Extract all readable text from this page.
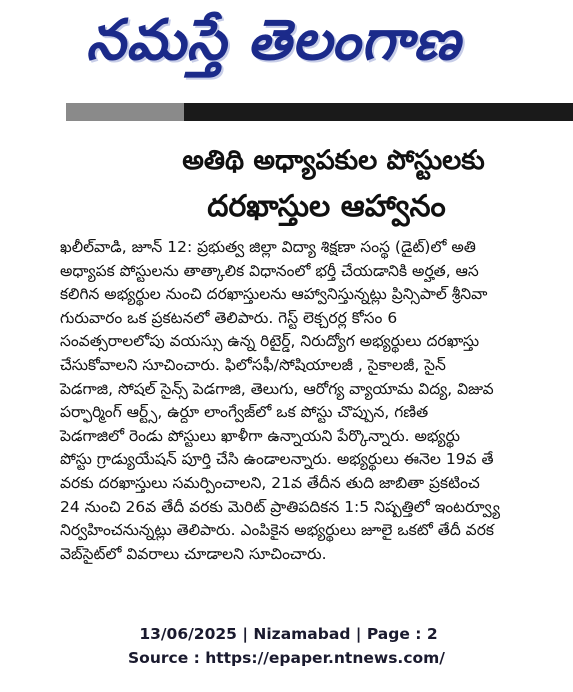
నమస్తే తెలంగాణ
అతిథి అధ్యాపకుల పోస్టులకు
దరఖాస్తుల ఆహ్వానం
ఖలీల్‌వాడి, జూన్ 12: ప్రభుత్వ జిల్లా విద్యా శిక్షణా సంస్థ (డైట్)లో అతి
అధ్యాపక పోస్టులను తాత్కాలిక విధానంలో భర్తీ చేయడానికి అర్హత, ఆస
కలిగిన అభ్యర్థుల నుంచి దరఖాస్తులను ఆహ్వానిస్తున్నట్లు ప్రిన్సిపాల్ శ్రీనివా
గురువారం ఒక ప్రకటనలో తెలిపారు. గెస్ట్ లెక్చరర్ల కోసం 6
సంవత్సరాలలోపు వయస్సు ఉన్న రిటైర్డ్, నిరుద్యోగ అభ్యర్థులు దరఖాస్తు
చేసుకోవాలని సూచించారు. ఫిలోసఫీ/సోషియాలజీ , సైకాలజీ, సైన్
పెడగాజి, సోషల్ సైన్స్ పెడగాజి, తెలుగు, ఆరోగ్య వ్యాయామ విద్య, విజువ
పర్ఫార్మింగ్ ఆర్ట్స్, ఉర్దూ లాంగ్వేజ్‌లో ఒక పోస్టు చొప్పున, గణిత
పెడగాజిలో రెండు పోస్టులు ఖాళీగా ఉన్నాయని పేర్కొన్నారు. అభ్యర్థు
పోస్టు గ్రాడ్యుయేషన్ పూర్తి చేసి ఉండాలన్నారు. అభ్యర్థులు ఈనెల 19వ తే
వరకు దరఖాస్తులు సమర్పించాలని, 21వ తేదీన తుది జాబితా ప్రకటించ
24 నుంచి 26వ తేదీ వరకు మెరిట్ ప్రాతిపదికన 1:5 నిష్పత్తిలో ఇంటర్వ్యూ
నిర్వహించనున్నట్లు తెలిపారు. ఎంపికైన అభ్యర్థులు జూలై ఒకటో తేదీ వరక
వెబ్‌సైట్‌లో వివరాలు చూడాలని సూచించారు.
13/06/2025 | Nizamabad | Page : 2
Source : https://epaper.ntnews.com/
